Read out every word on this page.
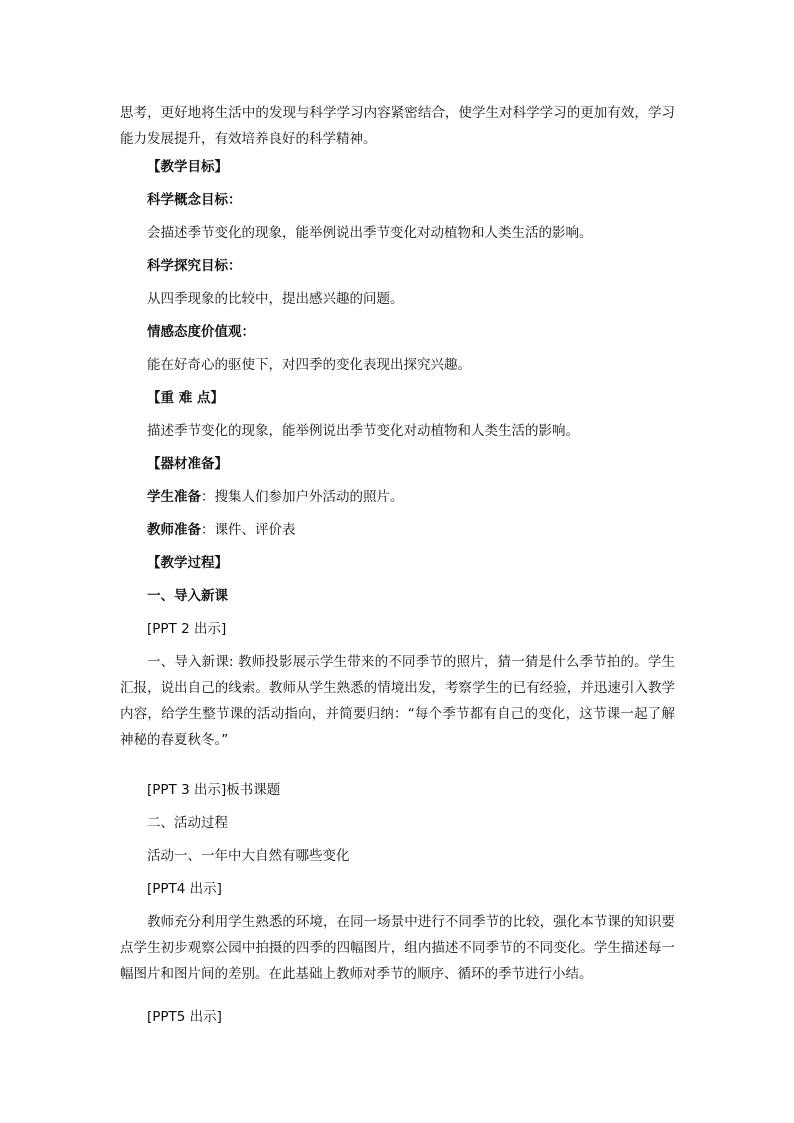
思考，更好地将生活中的发现与科学学习内容紧密结合，使学生对科学学习的更加有效，学习能力发展提升，有效培养良好的科学精神。
【教学目标】
科学概念目标：
会描述季节变化的现象，能举例说出季节变化对动植物和人类生活的影响。
科学探究目标：
从四季现象的比较中，提出感兴趣的问题。
情感态度价值观：
能在好奇心的驱使下，对四季的变化表现出探究兴趣。
【重 难 点】
描述季节变化的现象，能举例说出季节变化对动植物和人类生活的影响。
【器材准备】
学生准备：搜集人们参加户外活动的照片。
教师准备：课件、评价表
【教学过程】
一、导入新课
[PPT 2 出示]
一、导入新课: 教师投影展示学生带来的不同季节的照片，猜一猜是什么季节拍的。学生汇报，说出自己的线索。教师从学生熟悉的情境出发，考察学生的已有经验，并迅速引入教学内容，给学生整节课的活动指向，并简要归纳：“每个季节都有自己的变化，这节课一起了解神秘的春夏秋冬。”
[PPT 3 出示]板书课题
二、活动过程
活动一、一年中大自然有哪些变化
[PPT4 出示]
教师充分利用学生熟悉的环境，在同一场景中进行不同季节的比较，强化本节课的知识要点学生初步观察公园中拍摄的四季的四幅图片，组内描述不同季节的不同变化。学生描述每一幅图片和图片间的差别。在此基础上教师对季节的顺序、循环的季节进行小结。
[PPT5 出示]
